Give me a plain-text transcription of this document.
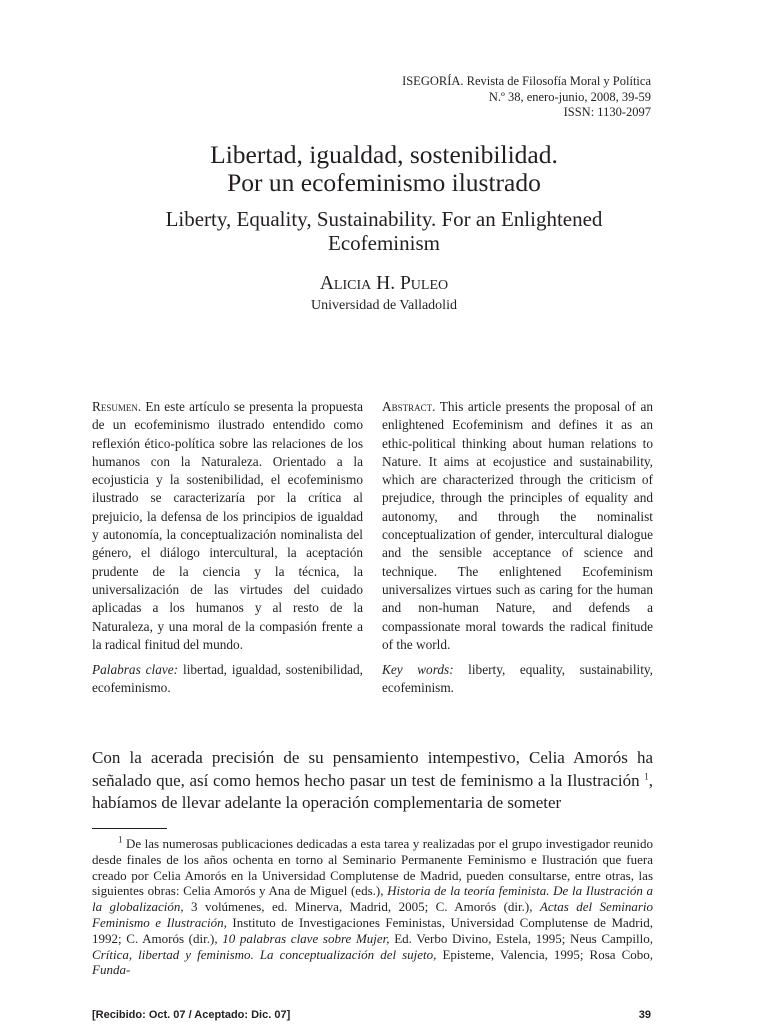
ISEGORÍA. Revista de Filosofía Moral y Política
N.º 38, enero-junio, 2008, 39-59
ISSN: 1130-2097
Libertad, igualdad, sostenibilidad.
Por un ecofeminismo ilustrado
Liberty, Equality, Sustainability. For an Enlightened
Ecofeminism
Alicia H. Puleo
Universidad de Valladolid
Resumen. En este artículo se presenta la propuesta de un ecofeminismo ilustrado entendido como reflexión ético-política sobre las relaciones de los humanos con la Naturaleza. Orientado a la ecojusticia y la sostenibilidad, el ecofeminismo ilustrado se caracterizaría por la crítica al prejuicio, la defensa de los principios de igualdad y autonomía, la conceptualización nominalista del género, el diálogo intercultural, la aceptación prudente de la ciencia y la técnica, la universalización de las virtudes del cuidado aplicadas a los humanos y al resto de la Naturaleza, y una moral de la compasión frente a la radical finitud del mundo.
Palabras clave: libertad, igualdad, sostenibilidad, ecofeminismo.
Abstract. This article presents the proposal of an enlightened Ecofeminism and defines it as an ethic-political thinking about human relations to Nature. It aims at ecojustice and sustainability, which are characterized through the criticism of prejudice, through the principles of equality and autonomy, and through the nominalist conceptualization of gender, intercultural dialogue and the sensible acceptance of science and technique. The enlightened Ecofeminism universalizes virtues such as caring for the human and non-human Nature, and defends a compassionate moral towards the radical finitude of the world.
Key words: liberty, equality, sustainability, ecofeminism.
Con la acerada precisión de su pensamiento intempestivo, Celia Amorós ha señalado que, así como hemos hecho pasar un test de feminismo a la Ilustración $^1$, habíamos de llevar adelante la operación complementaria de someter
$^1$ De las numerosas publicaciones dedicadas a esta tarea y realizadas por el grupo investigador reunido desde finales de los años ochenta en torno al Seminario Permanente Feminismo e Ilustración que fuera creado por Celia Amorós en la Universidad Complutense de Madrid, pueden consultarse, entre otras, las siguientes obras: Celia Amorós y Ana de Miguel (eds.), Historia de la teoría feminista. De la Ilustración a la globalización, 3 volúmenes, ed. Minerva, Madrid, 2005; C. Amorós (dir.), Actas del Seminario Feminismo e Ilustración, Instituto de Investigaciones Feministas, Universidad Complutense de Madrid, 1992; C. Amorós (dir.), 10 palabras clave sobre Mujer, Ed. Verbo Divino, Estela, 1995; Neus Campillo, Crítica, libertad y feminismo. La conceptualización del sujeto, Episteme, Valencia, 1995; Rosa Cobo, Funda-
[Recibido: Oct. 07 / Aceptado: Dic. 07]	39
